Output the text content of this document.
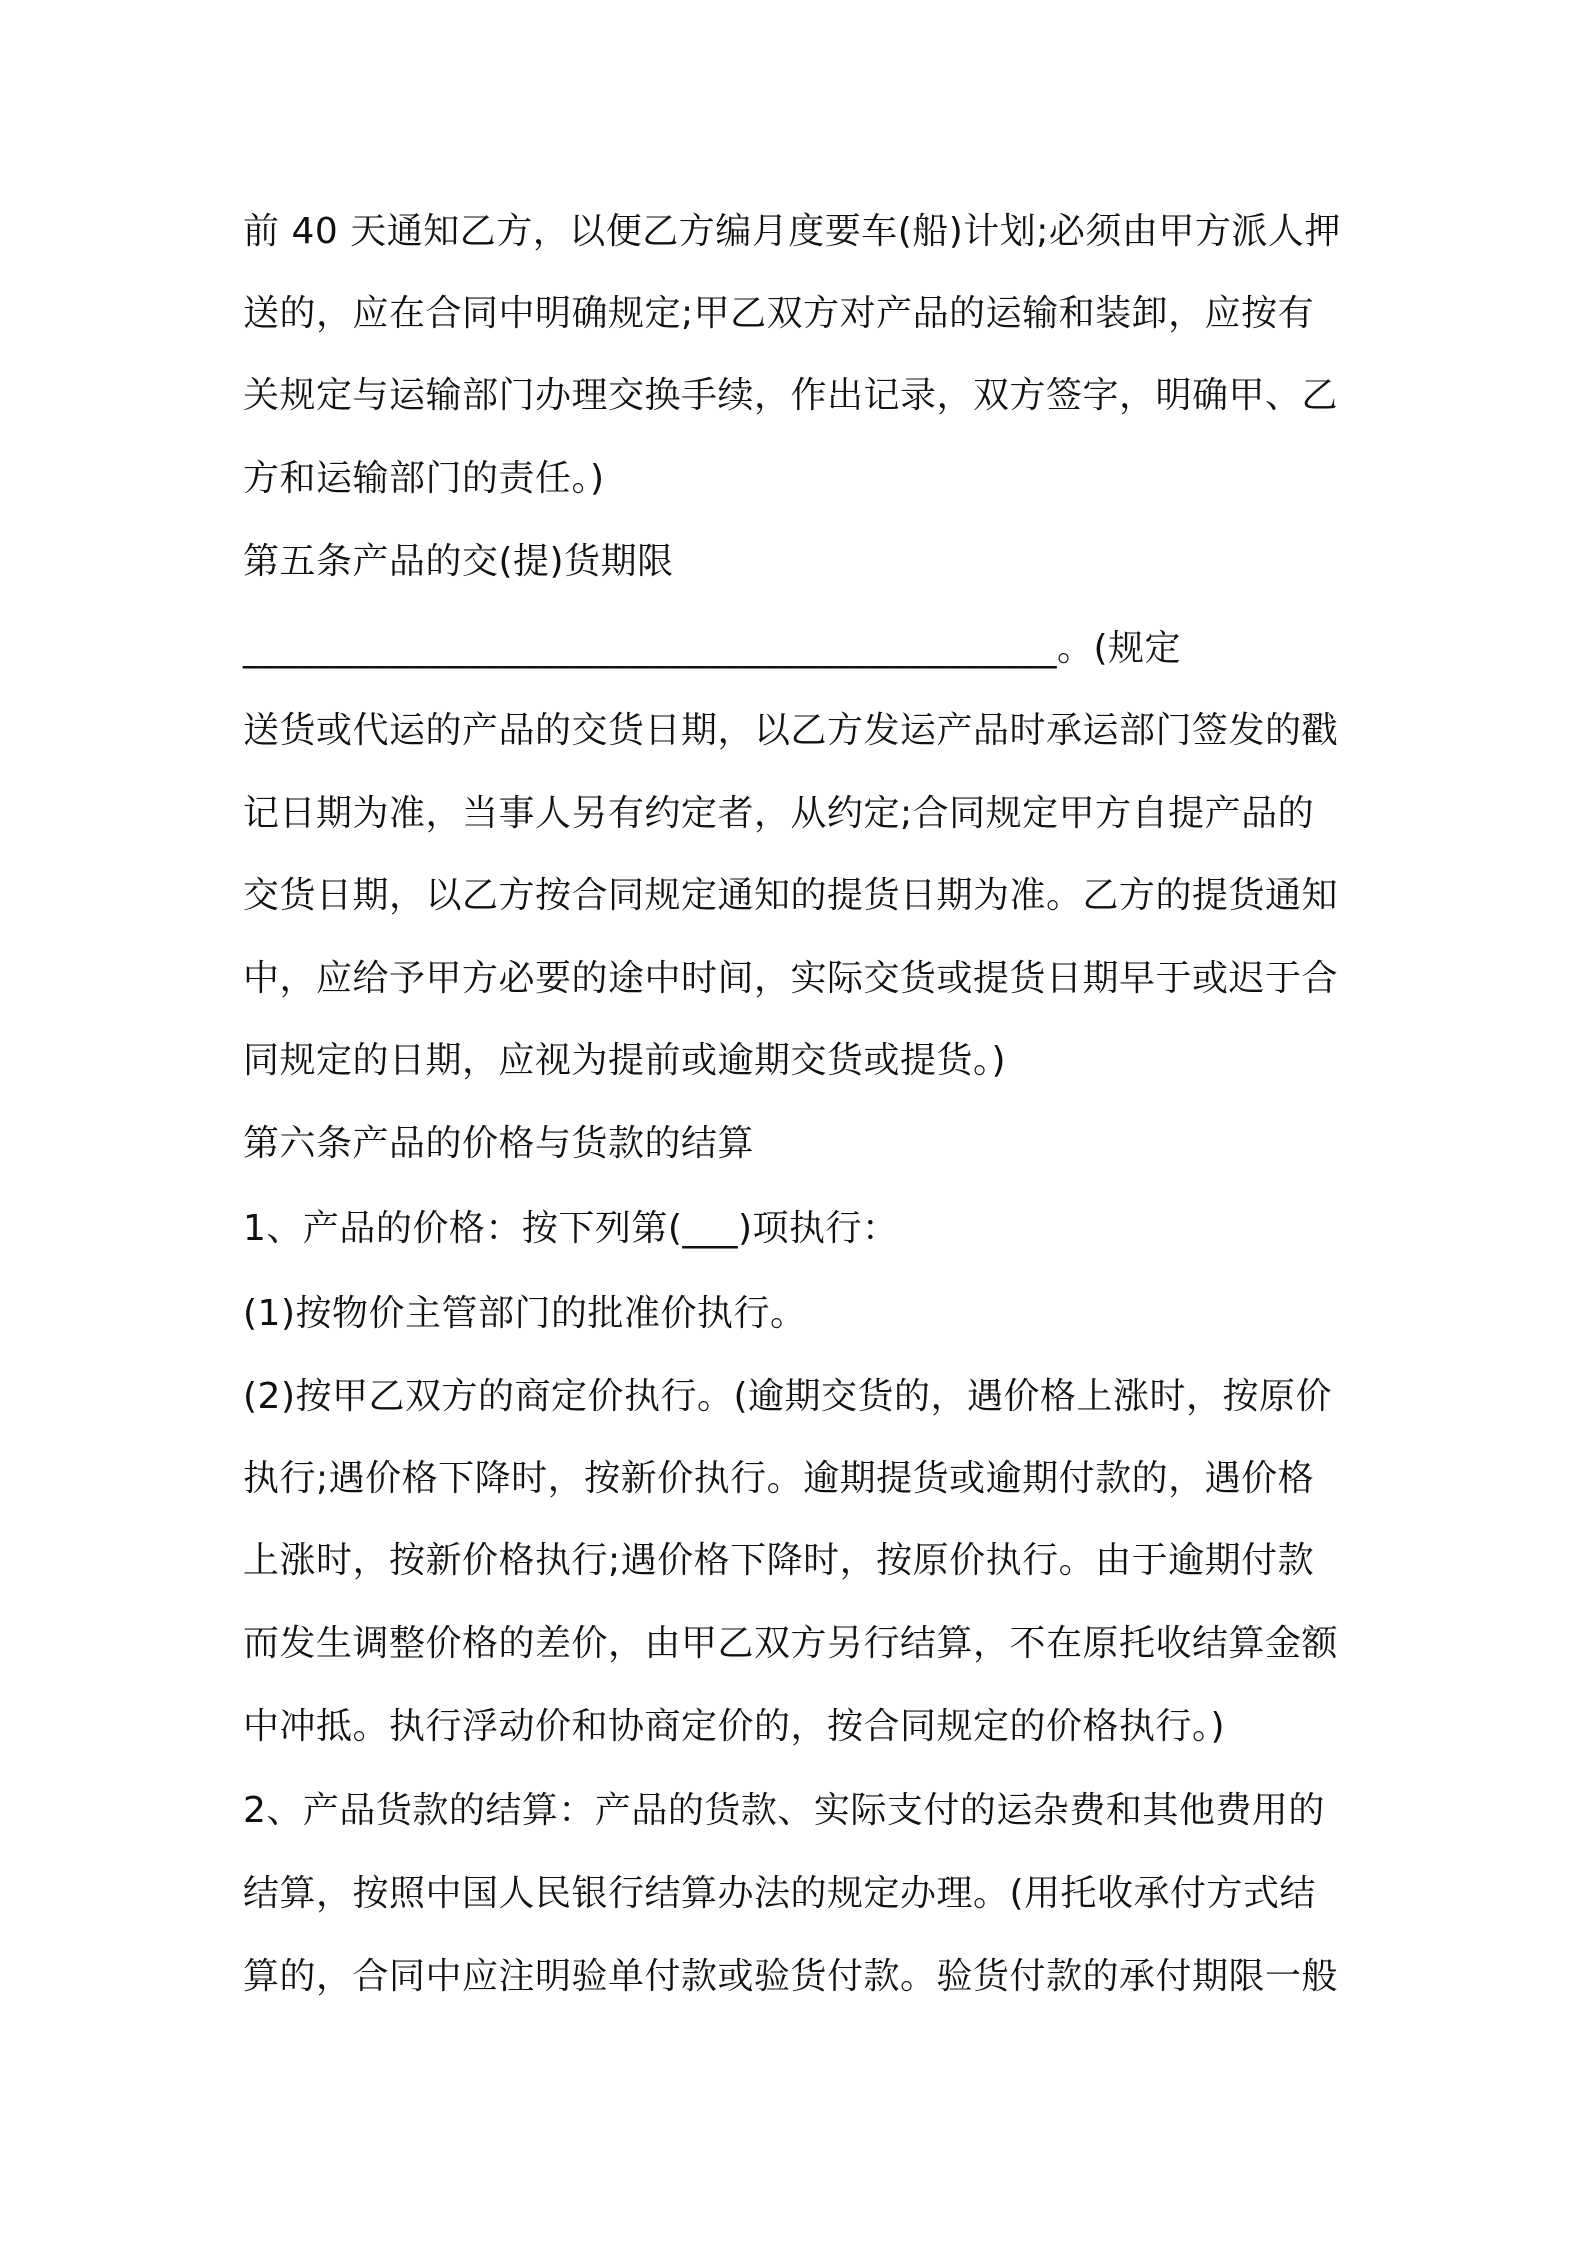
前 40 天通知乙方，以便乙方编月度要车(船)计划;必须由甲方派人押
送的，应在合同中明确规定;甲乙双方对产品的运输和装卸，应按有
关规定与运输部门办理交换手续，作出记录，双方签字，明确甲、乙
方和运输部门的责任。)
第五条产品的交(提)货期限
____________________________________________。(规定
送货或代运的产品的交货日期，以乙方发运产品时承运部门签发的戳
记日期为准，当事人另有约定者，从约定;合同规定甲方自提产品的
交货日期，以乙方按合同规定通知的提货日期为准。乙方的提货通知
中，应给予甲方必要的途中时间，实际交货或提货日期早于或迟于合
同规定的日期，应视为提前或逾期交货或提货。)
第六条产品的价格与货款的结算
1、产品的价格：按下列第(___)项执行：
(1)按物价主管部门的批准价执行。
(2)按甲乙双方的商定价执行。(逾期交货的，遇价格上涨时，按原价
执行;遇价格下降时，按新价执行。逾期提货或逾期付款的，遇价格
上涨时，按新价格执行;遇价格下降时，按原价执行。由于逾期付款
而发生调整价格的差价，由甲乙双方另行结算，不在原托收结算金额
中冲抵。执行浮动价和协商定价的，按合同规定的价格执行。)
2、产品货款的结算：产品的货款、实际支付的运杂费和其他费用的
结算，按照中国人民银行结算办法的规定办理。(用托收承付方式结
算的，合同中应注明验单付款或验货付款。验货付款的承付期限一般
